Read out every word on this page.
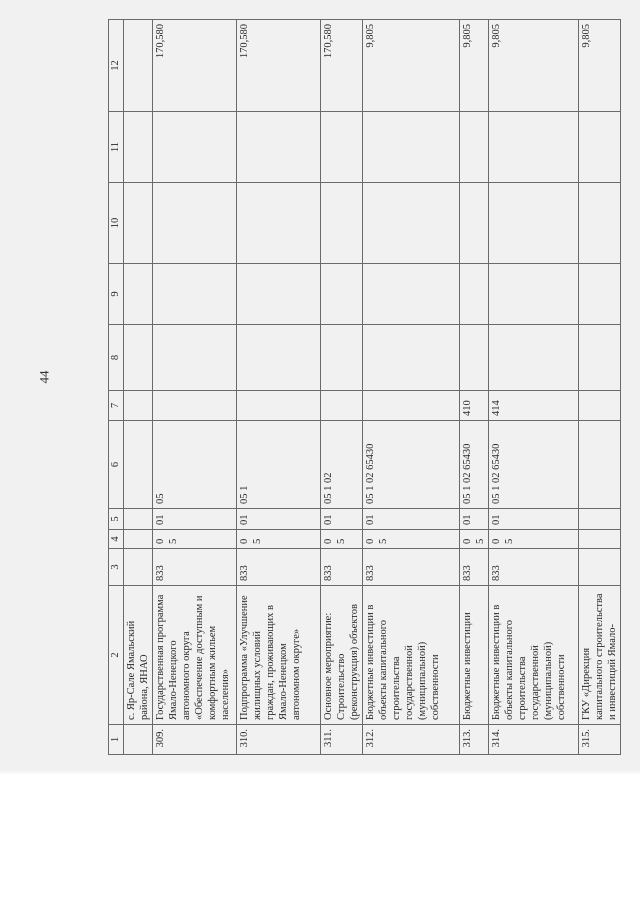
44
1	2	3	4	5	6	7	8	9	10	11	12
	с. Яр-Сале Ямальский района, ЯНАО										
309.	Государственная программа Ямало-Ненецкого автономного округа «Обеспечение доступным и комфортным жильем населения»	833	05	01	05						170,580
310.	Подпрограмма «Улучшение жилищных условий граждан, проживающих в Ямало-Ненецком автономном округе»	833	05	01	05 1						170,580
311.	Основное мероприятие: Строительство (реконструкция) объектов	833	05	01	05 1 02						170,580
312.	Бюджетные инвестиции в объекты капитального строительства государственной (муниципальной) собственности	833	05	01	05 1 02 65430						9,805
313.	Бюджетные инвестиции	833	05	01	05 1 02 65430	410					9,805
314.	Бюджетные инвестиции в объекты капитального строительства государственной (муниципальной) собственности	833	05	01	05 1 02 65430	414					9,805
315.	ГКУ «Дирекция капитального строительства и инвестиций Ямало-										9,805
